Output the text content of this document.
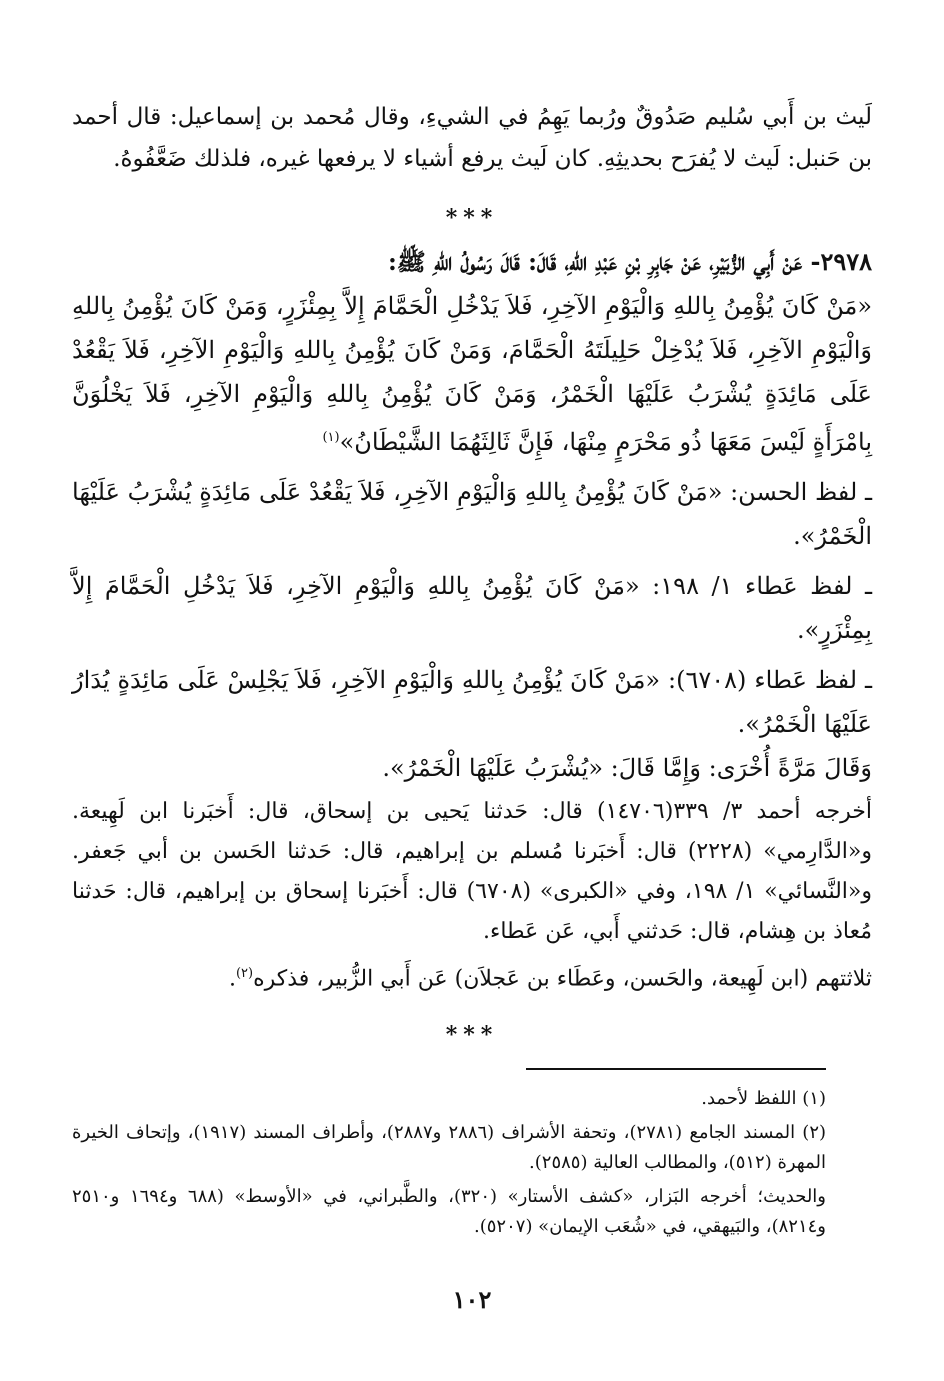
لَيث بن أَبي سُليم صَدُوقٌ ورُبما يَهِمُ في الشيءِ، وقال مُحمد بن إسماعيل: قال أحمد بن حَنبل: لَيث لا يُفرَح بحديثِهِ. كان لَيث يرفع أشياء لا يرفعها غيره، فلذلك ضَعَّفُوهُ.
***

٢٩٧٨- عَنْ أَبِي الزُّبَيْرِ، عَنْ جَابِرِ بْنِ عَبْدِ اللهِ، قَالَ: قَالَ رَسُولُ اللهِ ﷺ:

«مَنْ كَانَ يُؤْمِنُ بِاللهِ وَالْيَوْمِ الآخِرِ، فَلاَ يَدْخُلِ الْحَمَّامَ إِلاَّ بِمِئْزَرٍ، وَمَنْ كَانَ يُؤْمِنُ بِاللهِ وَالْيَوْمِ الآخِرِ، فَلاَ يُدْخِلْ حَلِيلَتَهُ الْحَمَّامَ، وَمَنْ كَانَ يُؤْمِنُ بِاللهِ وَالْيَوْمِ الآخِرِ، فَلاَ يَقْعُدْ عَلَى مَائِدَةٍ يُشْرَبُ عَلَيْهَا الْخَمْرُ، وَمَنْ كَانَ يُؤْمِنُ بِاللهِ وَالْيَوْمِ الآخِرِ، فَلاَ يَخْلُوَنَّ بِامْرَأَةٍ لَيْسَ مَعَهَا ذُو مَحْرَمٍ مِنْهَا، فَإِنَّ ثَالِثَهُمَا الشَّيْطَانُ»$^{(١)}$

ـ لفظ الحسن: «مَنْ كَانَ يُؤْمِنُ بِاللهِ وَالْيَوْمِ الآخِرِ، فَلاَ يَقْعُدْ عَلَى مَائِدَةٍ يُشْرَبُ عَلَيْهَا الْخَمْرُ».

ـ لفظ عَطاء ١/ ١٩٨: «مَنْ كَانَ يُؤْمِنُ بِاللهِ وَالْيَوْمِ الآخِرِ، فَلاَ يَدْخُلِ الْحَمَّامَ إِلاَّ بِمِئْزَرٍ».

ـ لفظ عَطاء (٦٧٠٨): «مَنْ كَانَ يُؤْمِنُ بِاللهِ وَالْيَوْمِ الآخِرِ، فَلاَ يَجْلِسْ عَلَى مَائِدَةٍ يُدَارُ عَلَيْهَا الْخَمْرُ».

وَقَالَ مَرَّةً أُخْرَى: وَإِمَّا قَالَ: «يُشْرَبُ عَلَيْهَا الْخَمْرُ».

أخرجه أحمد ٣/ ٣٣٩(١٤٧٠٦) قال: حَدثنا يَحيى بن إسحاق، قال: أَخبَرنا ابن لَهِيعة. و«الدَّارِمي» (٢٢٢٨) قال: أَخبَرنا مُسلم بن إبراهيم، قال: حَدثنا الحَسن بن أبي جَعفر. و«النَّسائي» ١/ ١٩٨، وفي «الكبرى» (٦٧٠٨) قال: أَخبَرنا إسحاق بن إبراهيم، قال: حَدثنا مُعاذ بن هِشام، قال: حَدثني أَبي، عَن عَطاء.

ثلاثتهم (ابن لَهِيعة، والحَسن، وعَطَاء بن عَجلاَن) عَن أَبي الزُّبير، فذكره$^{(٢)}$.

***

(١) اللفظ لأحمد.

(٢) المسند الجامع (٢٧٨١)، وتحفة الأشراف (٢٨٨٦ و٢٨٨٧)، وأطراف المسند (١٩١٧)، وإتحاف الخيرة المهرة (٥١٢)، والمطالب العالية (٢٥٨٥).

والحديث؛ أخرجه البَزار، «كشف الأستار» (٣٢٠)، والطَّبراني، في «الأوسط» (٦٨٨ و١٦٩٤ و٢٥١٠ و٨٢١٤)، والبَيهقي، في «شُعَب الإيمان» (٥٢٠٧).

١٠٢
